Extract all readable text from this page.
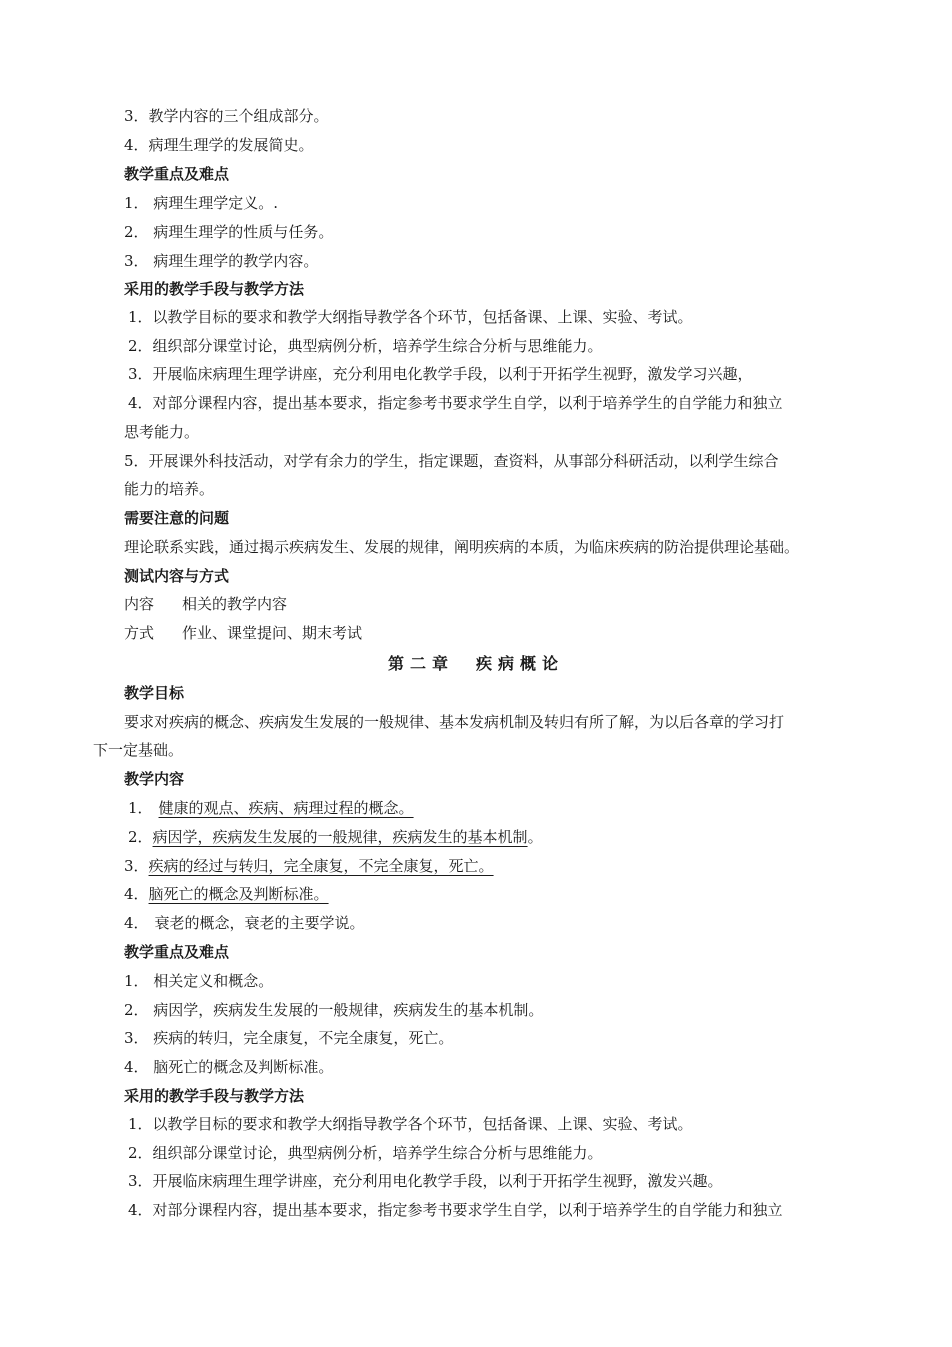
3．教学内容的三个组成部分。
4．病理生理学的发展简史。
教学重点及难点
1． 病理生理学定义。.
2． 病理生理学的性质与任务。
3． 病理生理学的教学内容。
采用的教学手段与教学方法
1．以教学目标的要求和教学大纲指导教学各个环节，包括备课、上课、实验、考试。
2．组织部分课堂讨论，典型病例分析，培养学生综合分析与思维能力。
3．开展临床病理生理学讲座，充分利用电化教学手段，以利于开拓学生视野，激发学习兴趣，
4．对部分课程内容，提出基本要求，指定参考书要求学生自学，以利于培养学生的自学能力和独立
思考能力。
5．开展课外科技活动，对学有余力的学生，指定课题，查资料，从事部分科研活动，以利学生综合
能力的培养。
需要注意的问题
理论联系实践，通过揭示疾病发生、发展的规律，阐明疾病的本质，为临床疾病的防治提供理论基础。
测试内容与方式
内容 相关的教学内容
方式 作业、课堂提问、期末考试
第二章 疾病概论
教学目标
要求对疾病的概念、疾病发生发展的一般规律、基本发病机制及转归有所了解，为以后各章的学习打
下一定基础。
教学内容
1． 健康的观点、疾病、病理过程的概念。
2．病因学，疾病发生发展的一般规律，疾病发生的基本机制。
3．疾病的经过与转归，完全康复，不完全康复，死亡。
4．脑死亡的概念及判断标准。
4． 衰老的概念，衰老的主要学说。
教学重点及难点
1． 相关定义和概念。
2． 病因学，疾病发生发展的一般规律，疾病发生的基本机制。
3． 疾病的转归，完全康复，不完全康复，死亡。
4． 脑死亡的概念及判断标准。
采用的教学手段与教学方法
1．以教学目标的要求和教学大纲指导教学各个环节，包括备课、上课、实验、考试。
2．组织部分课堂讨论，典型病例分析，培养学生综合分析与思维能力。
3．开展临床病理生理学讲座，充分利用电化教学手段，以利于开拓学生视野，激发兴趣。
4．对部分课程内容，提出基本要求，指定参考书要求学生自学，以利于培养学生的自学能力和独立
